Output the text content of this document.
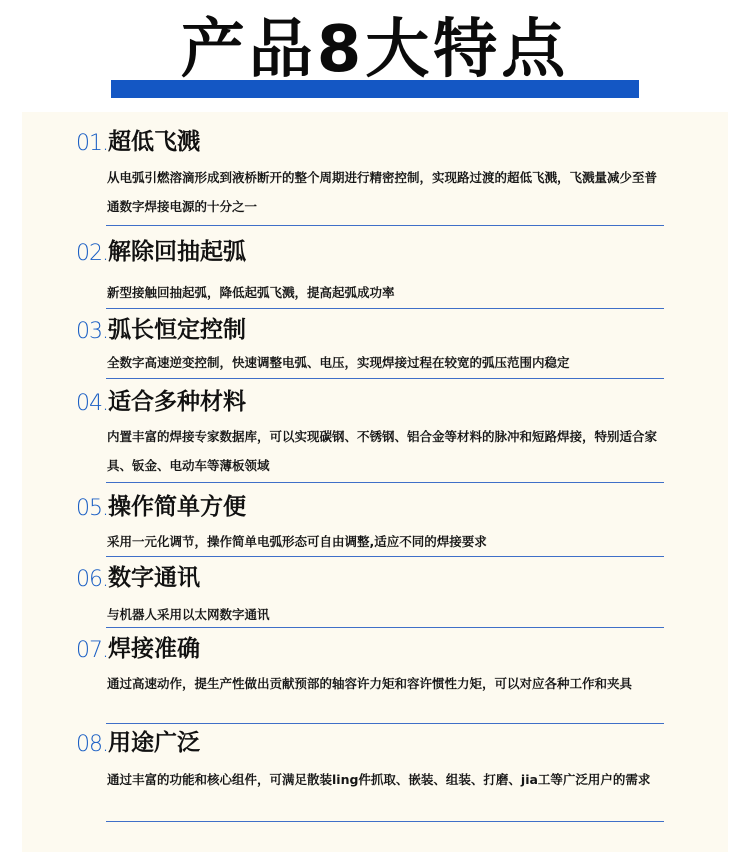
产品8大特点
01. 超低飞溅
从电弧引燃溶滴形成到液桥断开的整个周期进行精密控制，实现路过渡的超低飞溅，飞溅量减少至普通数字焊接电源的十分之一
02. 解除回抽起弧
新型接触回抽起弧，降低起弧飞溅，提高起弧成功率
03. 弧长恒定控制
全数字高速逆变控制，快速调整电弧、电压，实现焊接过程在较宽的弧压范围内稳定
04. 适合多种材料
内置丰富的焊接专家数据库，可以实现碳钢、不锈钢、铝合金等材料的脉冲和短路焊接，特别适合家具、钣金、电动车等薄板领域
05. 操作简单方便
采用一元化调节，操作简单电弧形态可自由调整,适应不同的焊接要求
06. 数字通讯
与机器人采用以太网数字通讯
07. 焊接准确
通过高速动作，提生产性做出贡献预部的轴容许力矩和容许惯性力矩，可以对应各种工作和夹具
08. 用途广泛
通过丰富的功能和核心组件，可满足散装ling件抓取、嵌装、组装、打磨、jia工等广泛用户的需求
